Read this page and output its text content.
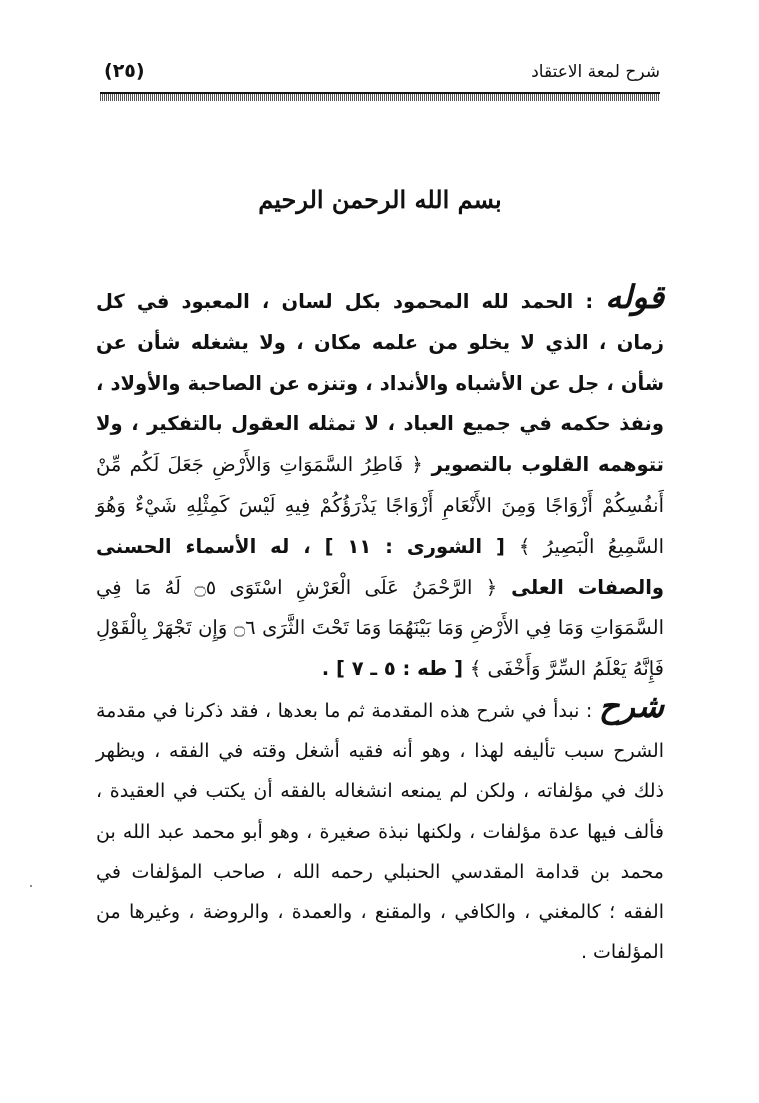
شرح لمعة الاعتقاد
(٢٥)
بسم الله الرحمن الرحيم
قوله : الحمد لله المحمود بكل لسان ، المعبود في كل زمان ، الذي لا يخلو من علمه مكان ، ولا يشغله شأن عن شأن ، جل عن الأشباه والأنداد ، وتنزه عن الصاحبة والأولاد ، ونفذ حكمه في جميع العباد ، لا تمثله العقول بالتفكير ، ولا تتوهمه القلوب بالتصوير ﴿ فَاطِرُ السَّمَوَاتِ وَالأَرْضِ جَعَلَ لَكُم مِّنْ أَنفُسِكُمْ أَزْوَاجًا وَمِنَ الأَنْعَامِ أَزْوَاجًا يَذْرَؤُكُمْ فِيهِ لَيْسَ كَمِثْلِهِ شَيْءٌ وَهُوَ السَّمِيعُ الْبَصِيرُ ﴾ [ الشورى : ١١ ] ، له الأسماء الحسنى والصفات العلى ﴿ الرَّحْمَنُ عَلَى الْعَرْشِ اسْتَوَى ۝٥ لَهُ مَا فِي السَّمَوَاتِ وَمَا فِي الأَرْضِ وَمَا بَيْنَهُمَا وَمَا تَحْتَ الثَّرَى ۝٦ وَإِن تَجْهَرْ بِالْقَوْلِ فَإِنَّهُ يَعْلَمُ السِّرَّ وَأَخْفَى ﴾ [ طه : ٥ ـ ٧ ] .
شرح : نبدأ في شرح هذه المقدمة ثم ما بعدها ، فقد ذكرنا في مقدمة الشرح سبب تأليفه لهذا ، وهو أنه فقيه أشغل وقته في الفقه ، ويظهر ذلك في مؤلفاته ، ولكن لم يمنعه انشغاله بالفقه أن يكتب في العقيدة ، فألف فيها عدة مؤلفات ، ولكنها نبذة صغيرة ، وهو أبو محمد عبد الله بن محمد بن قدامة المقدسي الحنبلي رحمه الله ، صاحب المؤلفات في الفقه ؛ كالمغني ، والكافي ، والمقنع ، والعمدة ، والروضة ، وغيرها من المؤلفات .
